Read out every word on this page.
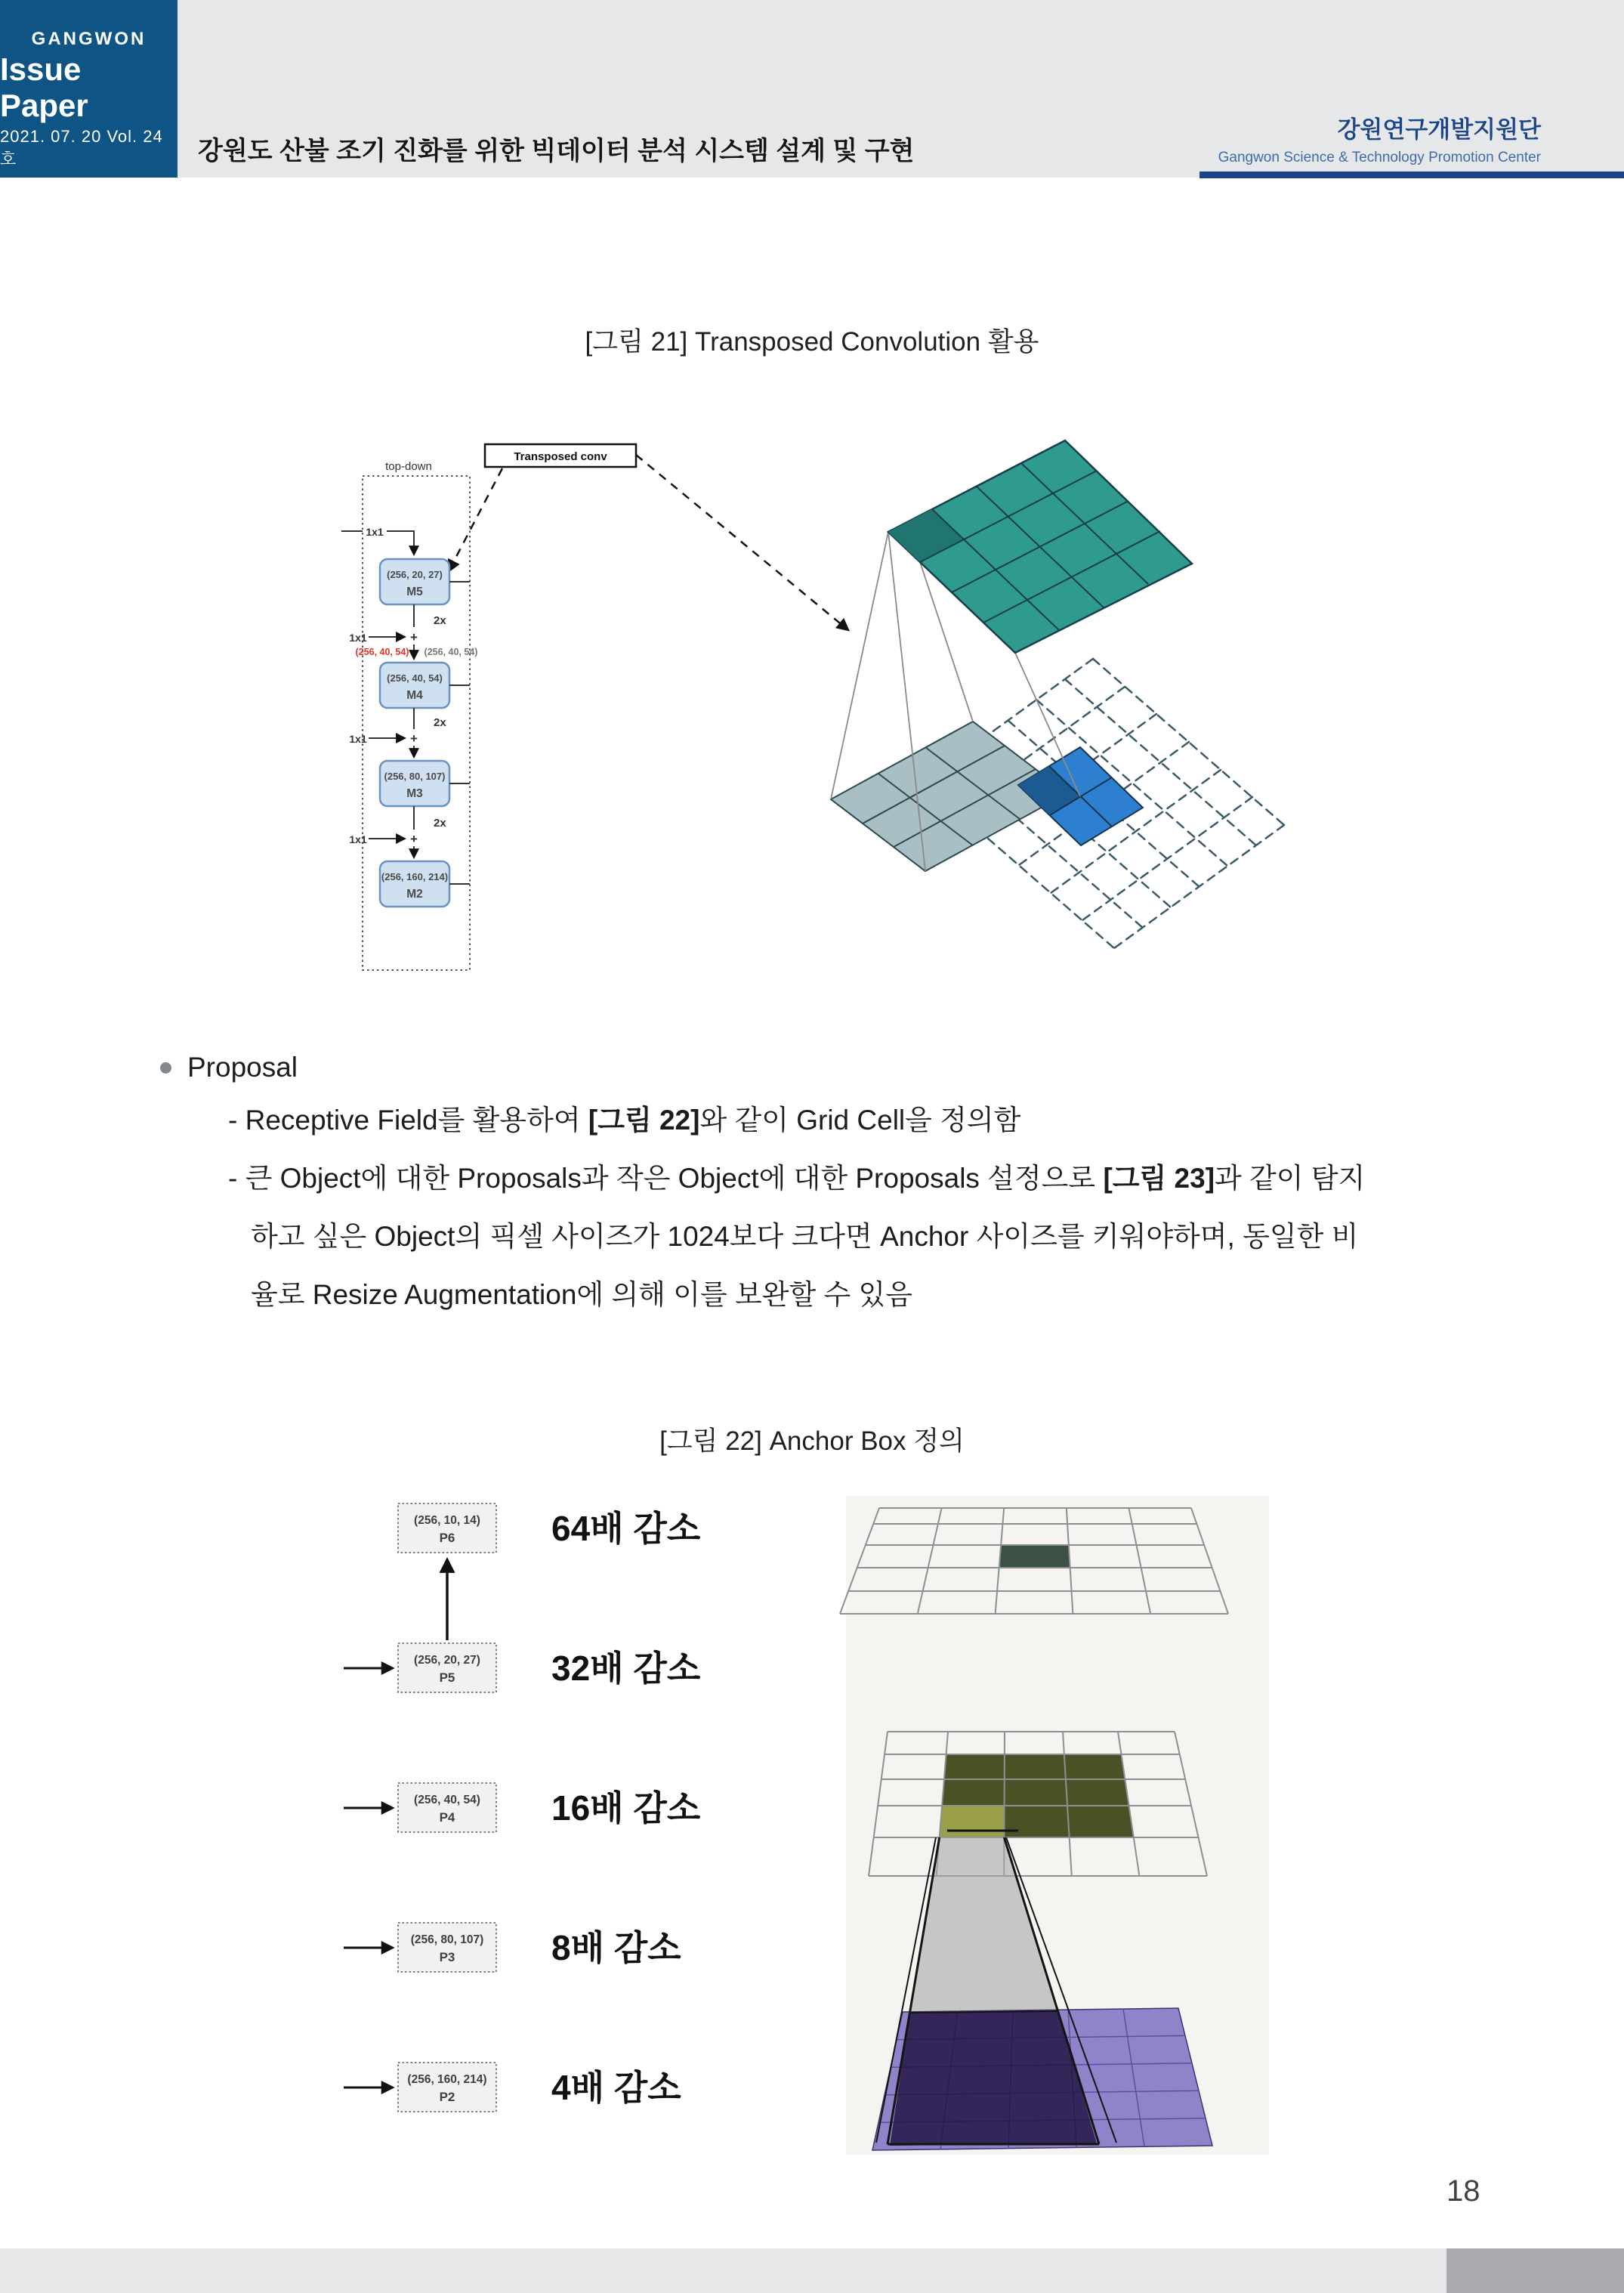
GANGWON
Issue Paper
2021. 07. 20 Vol. 24호	강원도 산불 조기 진화를 위한 빅데이터 분석 시스템 설계 및 구현
강원연구개발지원단
Gangwon Science & Technology Promotion Center
[그림 21] Transposed Convolution 활용
top-down
Transposed conv
1x1
(256, 20, 27)
M5
2x
+
1x1
(256, 40, 54) (256, 40, 54)
(256, 40, 54)
M4
2x
+
1x1
(256, 80, 107)
M3
2x
+
1x1
(256, 160, 214)
M2
Proposal
- Receptive Field를 활용하여 [그림 22]와 같이 Grid Cell을 정의함
- 큰 Object에 대한 Proposals과 작은 Object에 대한 Proposals 설정으로 [그림 23]과 같이 탐지
하고 싶은 Object의 픽셀 사이즈가 1024보다 크다면 Anchor 사이즈를 키워야하며, 동일한 비
율로 Resize Augmentation에 의해 이를 보완할 수 있음
[그림 22] Anchor Box 정의
(256, 10, 14)
P6	64배 감소
(256, 20, 27)
P5	32배 감소
(256, 40, 54)
P4	16배 감소
(256, 80, 107)
P3	8배 감소
(256, 160, 214)
P2	4배 감소
18
